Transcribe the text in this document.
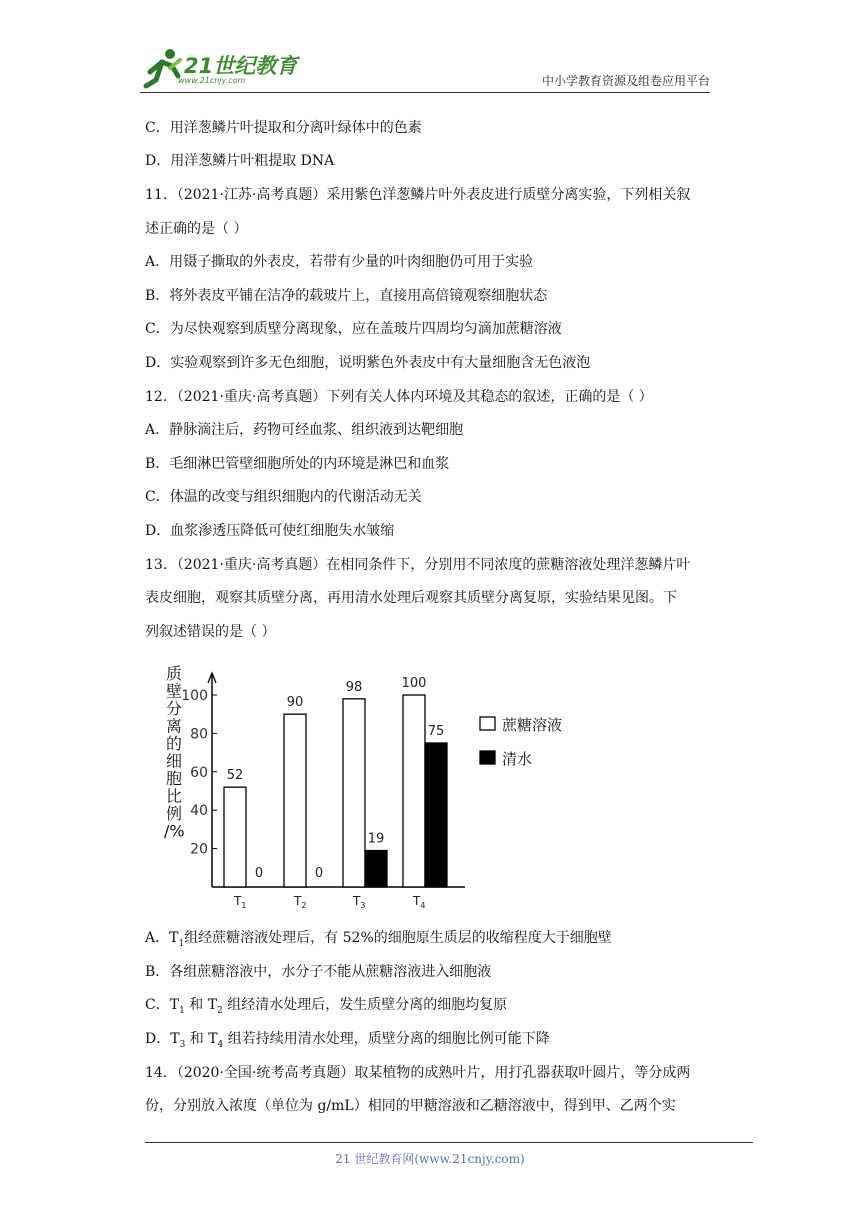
21世纪教育
www.21cnjy.com	中小学教育资源及组卷应用平台
C．用洋葱鳞片叶提取和分离叶绿体中的色素
D．用洋葱鳞片叶粗提取 DNA
11．（2021·江苏·高考真题）采用紫色洋葱鳞片叶外表皮进行质壁分离实验，下列相关叙
述正确的是（ ）
A．用镊子撕取的外表皮，若带有少量的叶肉细胞仍可用于实验
B．将外表皮平铺在洁净的载玻片上，直接用高倍镜观察细胞状态
C．为尽快观察到质壁分离现象，应在盖玻片四周均匀滴加蔗糖溶液
D．实验观察到许多无色细胞，说明紫色外表皮中有大量细胞含无色液泡
12．（2021·重庆·高考真题）下列有关人体内环境及其稳态的叙述，正确的是（ ）
A．静脉滴注后，药物可经血浆、组织液到达靶细胞
B．毛细淋巴管壁细胞所处的内环境是淋巴和血浆
C．体温的改变与组织细胞内的代谢活动无关
D．血浆渗透压降低可使红细胞失水皱缩
13．（2021·重庆·高考真题）在相同条件下，分别用不同浓度的蔗糖溶液处理洋葱鳞片叶
表皮细胞，观察其质壁分离，再用清水处理后观察其质壁分离复原，实验结果见图。下
列叙述错误的是（ ）
20
40
60
80
100
质壁分离的细胞比例/%
52
0
$T_1$
90
0
$T_2$
98
19
$T_3$
100
75
$T_4$
蔗糖溶液
清水
A．$T_1$组经蔗糖溶液处理后，有 52%的细胞原生质层的收缩程度大于细胞壁
B．各组蔗糖溶液中，水分子不能从蔗糖溶液进入细胞液
C．$T_1$ 和 $T_2$ 组经清水处理后，发生质壁分离的细胞均复原
D．$T_3$ 和 $T_4$ 组若持续用清水处理，质壁分离的细胞比例可能下降
14．（2020·全国·统考高考真题）取某植物的成熟叶片，用打孔器获取叶圆片，等分成两
份，分别放入浓度（单位为 g/mL）相同的甲糖溶液和乙糖溶液中，得到甲、乙两个实
21 世纪教育网(www.21cnjy.com)
